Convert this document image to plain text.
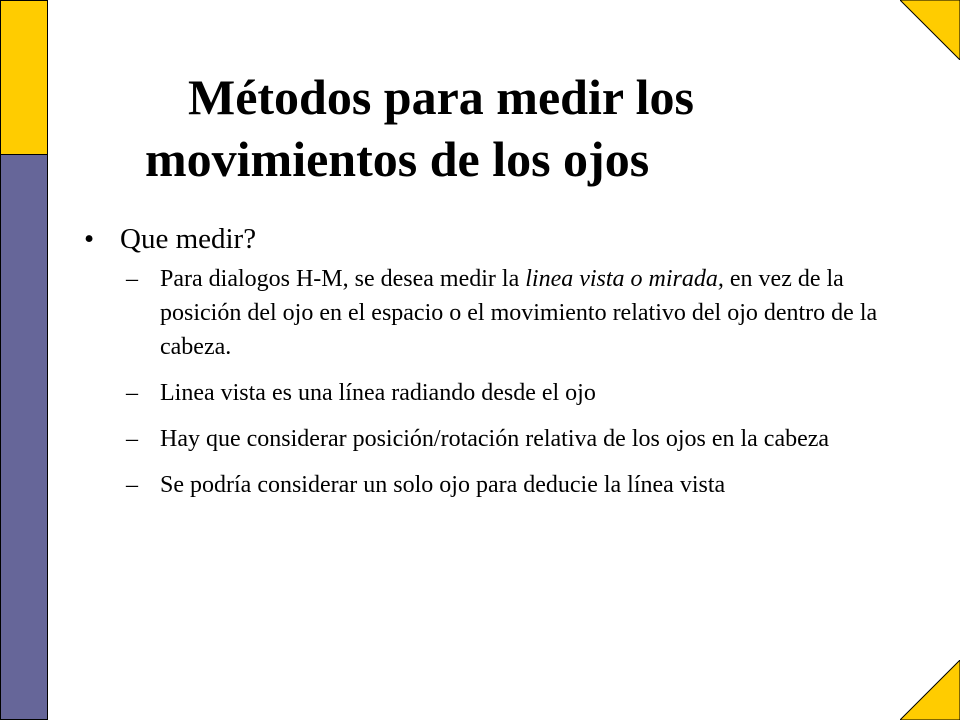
Métodos para medir los
movimientos de los ojos
• Que medir?
– Para dialogos H-M, se desea medir la linea vista o mirada, en vez de la posición del ojo en el espacio o el movimiento relativo del ojo dentro de la cabeza.
– Linea vista es una línea radiando desde el ojo
– Hay que considerar posición/rotación relativa de los ojos en la cabeza
– Se podría considerar un solo ojo para deducie la línea vista
